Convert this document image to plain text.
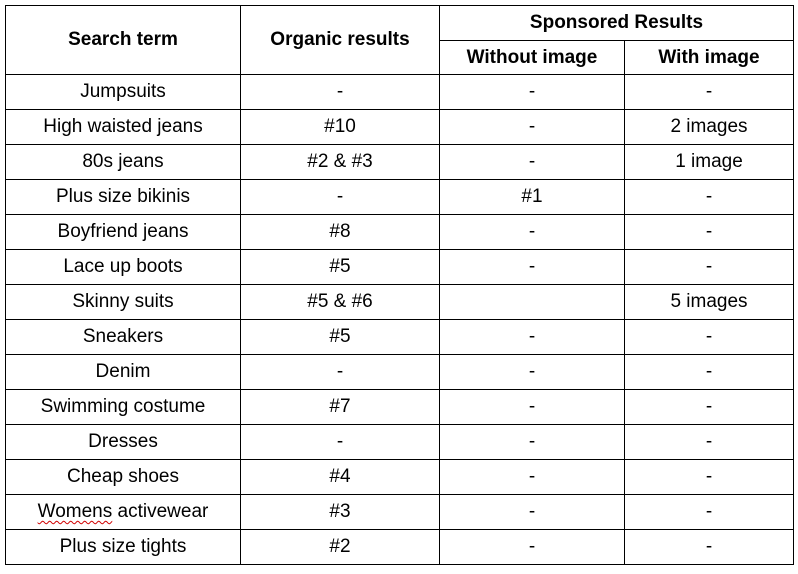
Search term	Organic results	Sponsored Results	
		Without image	With image
Jumpsuits	-	-	-
High waisted jeans	#10	-	2 images
80s jeans	#2 & #3	-	1 image
Plus size bikinis	-	#1	-
Boyfriend jeans	#8	-	-
Lace up boots	#5	-	-
Skinny suits	#5 & #6		5 images
Sneakers	#5	-	-
Denim	-	-	-
Swimming costume	#7	-	-
Dresses	-	-	-
Cheap shoes	#4	-	-
Womens activewear	#3	-	-
Plus size tights	#2	-	-
